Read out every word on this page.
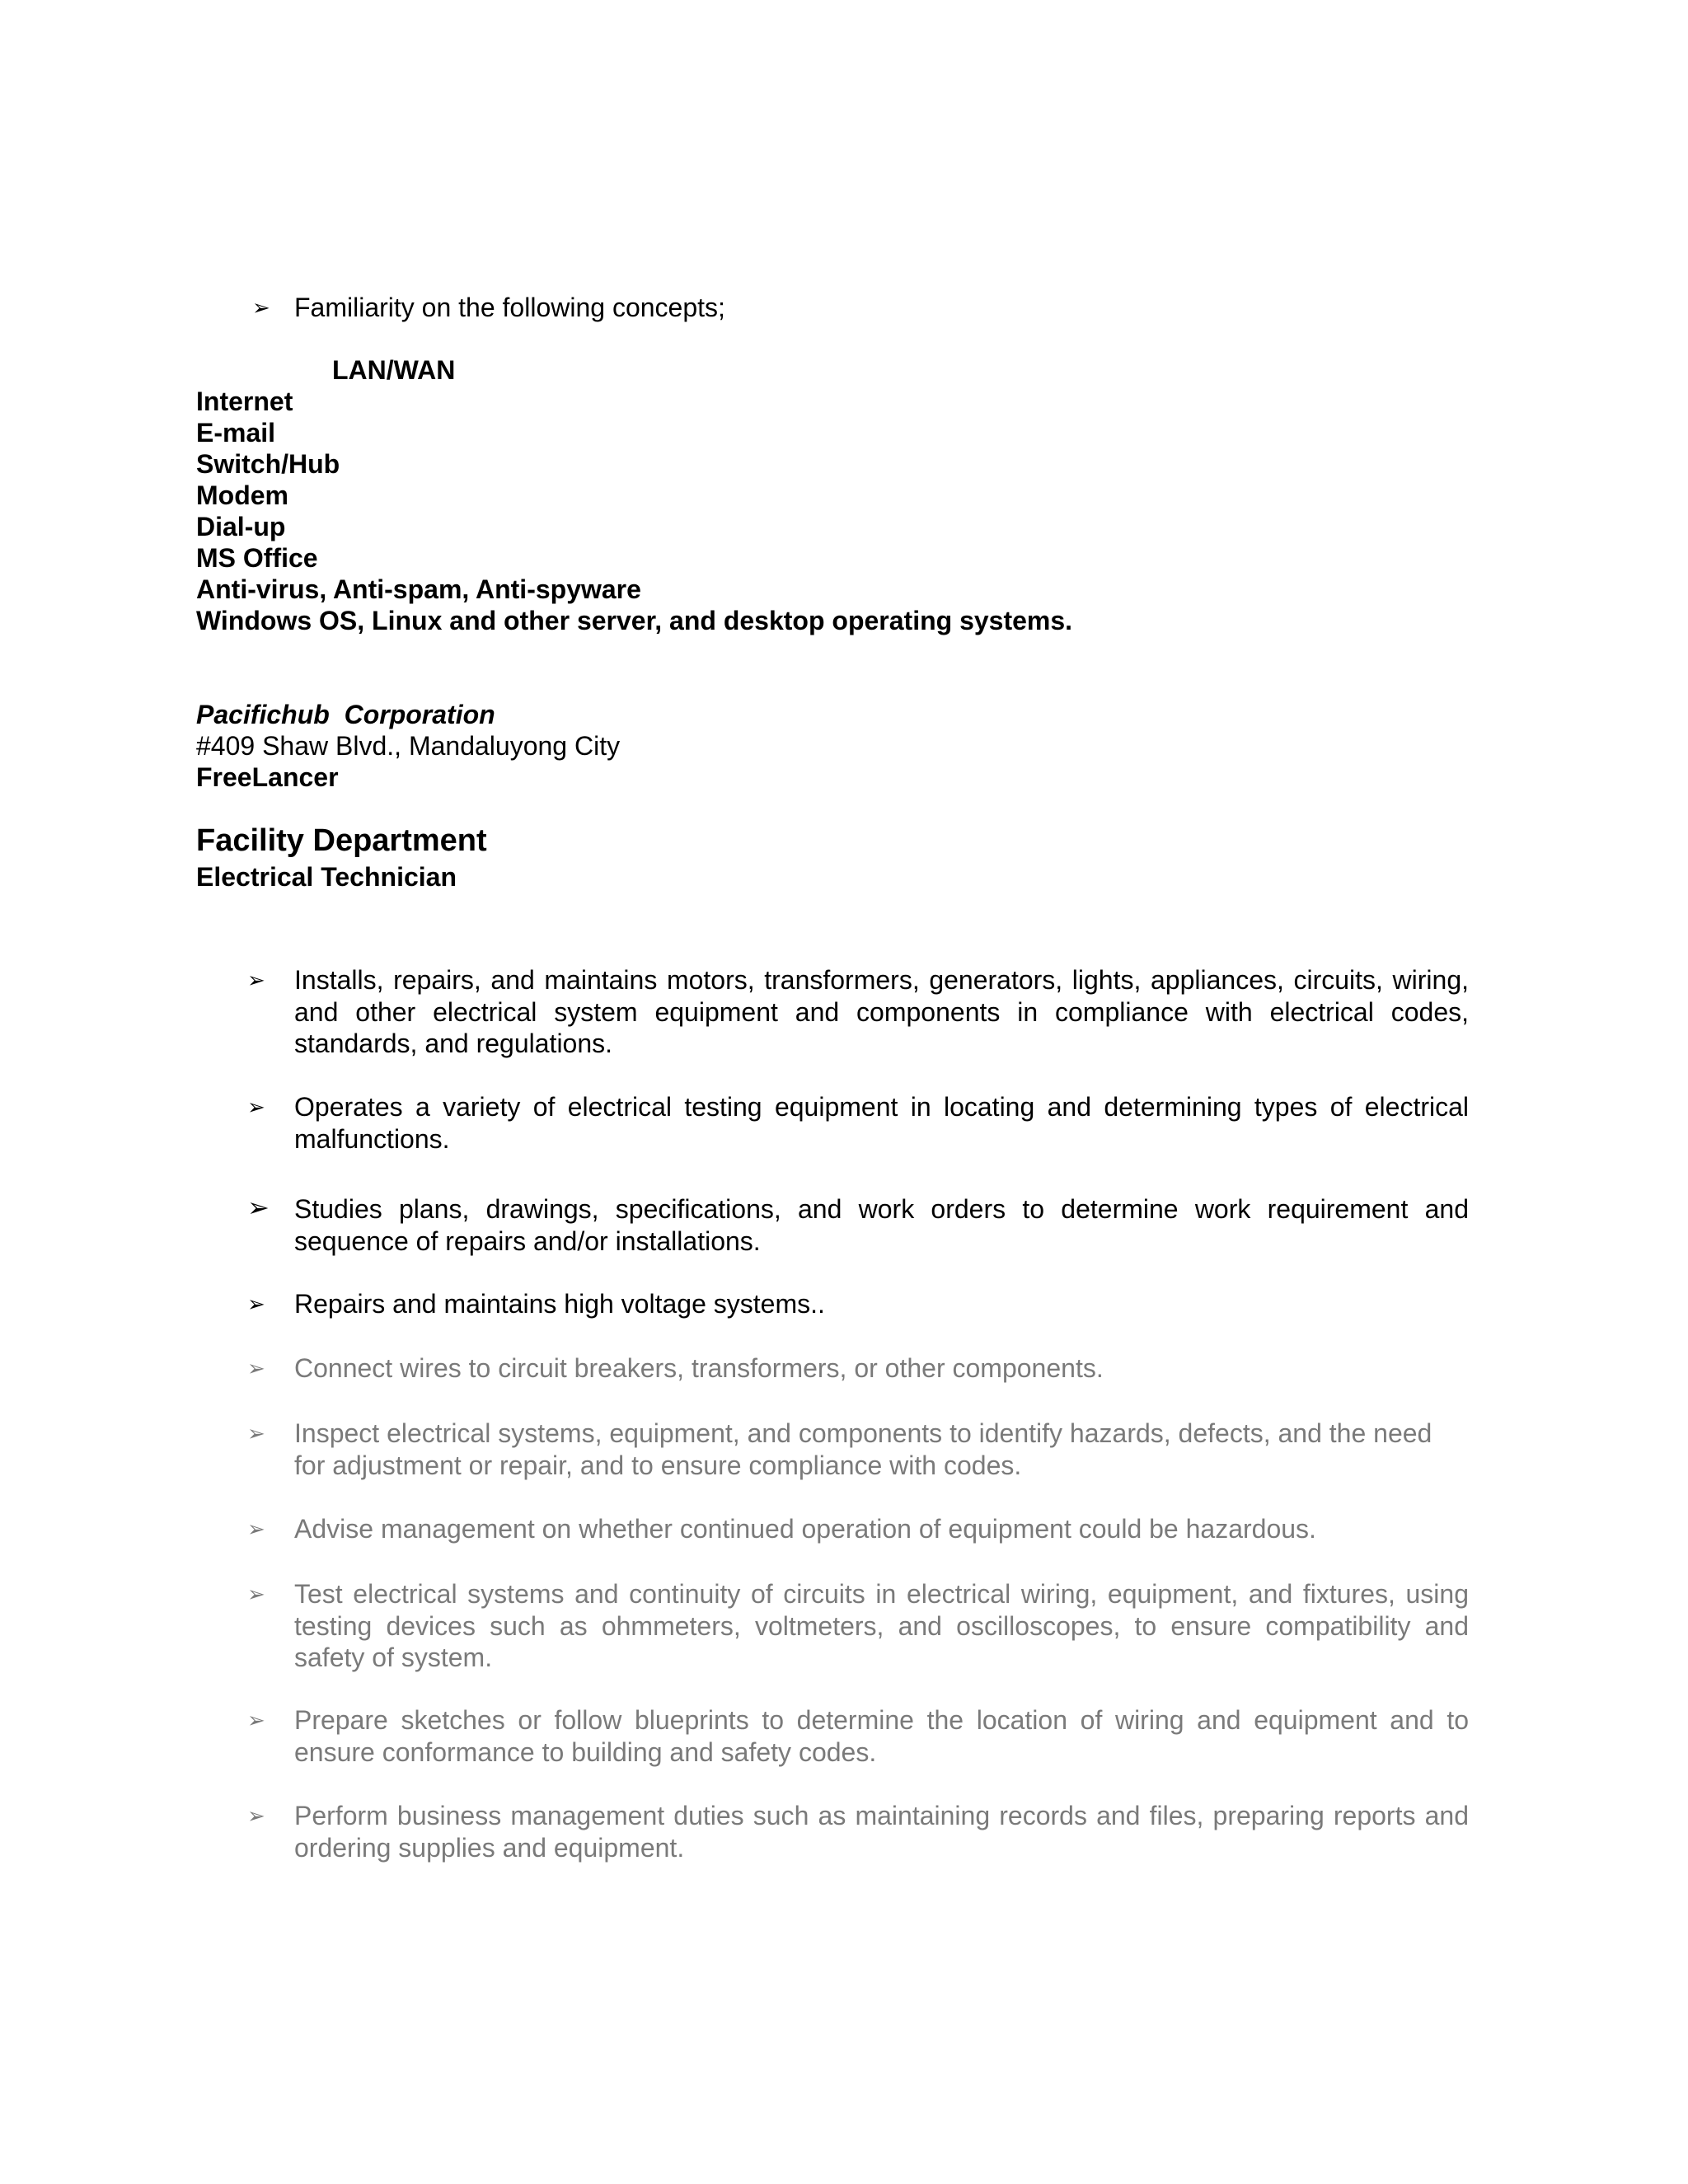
➢ Familiarity on the following concepts;
LAN/WAN
Internet
E-mail
Switch/Hub
Modem
Dial-up
MS Office
Anti-virus, Anti-spam, Anti-spyware
Windows OS, Linux and other server, and desktop operating systems.
Pacifichub  Corporation
#409 Shaw Blvd., Mandaluyong City
FreeLancer
Facility Department
Electrical Technician
➢ Installs, repairs, and maintains motors, transformers, generators, lights, appliances, circuits, wiring, and other electrical system equipment and components in compliance with electrical codes, standards, and regulations.
➢ Operates a variety of electrical testing equipment in locating and determining types of electrical malfunctions.
➢ Studies plans, drawings, specifications, and work orders to determine work requirement and sequence of repairs and/or installations.
➢ Repairs and maintains high voltage systems..
➢ Connect wires to circuit breakers, transformers, or other components.
➢ Inspect electrical systems, equipment, and components to identify hazards, defects, and the need for adjustment or repair, and to ensure compliance with codes.
➢ Advise management on whether continued operation of equipment could be hazardous.
➢ Test electrical systems and continuity of circuits in electrical wiring, equipment, and fixtures, using testing devices such as ohmmeters, voltmeters, and oscilloscopes, to ensure compatibility and safety of system.
➢ Prepare sketches or follow blueprints to determine the location of wiring and equipment and to ensure conformance to building and safety codes.
➢ Perform business management duties such as maintaining records and files, preparing reports and ordering supplies and equipment.
